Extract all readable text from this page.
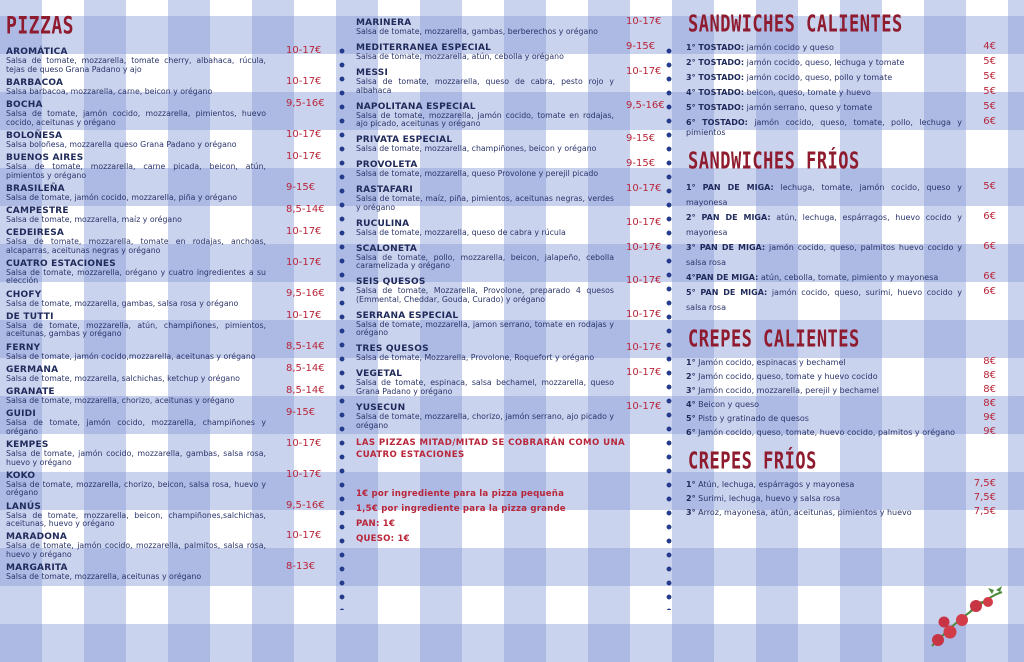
PIZZAS
AROMÁTICA	10-17€
Salsa de tomate, mozzarella, tomate cherry, albahaca, rúcula, tejas de queso Grana Padano y ajo
BARBACOA	10-17€
Salsa barbacoa, mozzarella, carne, beicon y orégano
BOCHA	9,5-16€
Salsa de tomate, jamón cocido, mozzarella, pimientos, huevo cocido, aceitunas y orégano
BOLOÑESA	10-17€
Salsa boloñesa, mozzarella queso Grana Padano y orégano
BUENOS AIRES	10-17€
Salsa de tomate, mozzarella, carne picada, beicon, atún, pimientos y orégano
BRASILEÑA	9-15€
Salsa de tomate, jamón cocido, mozzarella, piña y orégano
CAMPESTRE	8,5-14€
Salsa de tomate, mozzarella, maíz y orégano
CEDEIRESA	10-17€
Salsa de tomate, mozzarella, tomate en rodajas, anchoas, alcaparras, aceitunas negras y orégano
CUATRO ESTACIONES	10-17€
Salsa de tomate, mozzarella, orégano y cuatro ingredientes a su elección
CHOFY	9,5-16€
Salsa de tomate, mozzarella, gambas, salsa rosa y orégano
DE TUTTI	10-17€
Salsa de tomate, mozzarella, atún, champiñones, pimientos, aceitunas, gambas y orégano
FERNY	8,5-14€
Salsa de tomate, jamón cocido,mozzarella, aceitunas y orégano
GERMANA	8,5-14€
Salsa de tomate, mozzarella, salchichas, ketchup y orégano
GRANATE	8,5-14€
Salsa de tomate, mozzarella, chorizo, aceitunas y orégano
GUIDI	9-15€
Salsa de tomate, jamón cocido, mozzarella, champiñones y orégano
KEMPES	10-17€
Salsa de tomate, jamón cocido, mozzarella, gambas, salsa rosa, huevo y orégano
KOKO	10-17€
Salsa de tomate, mozzarella, chorizo, beicon, salsa rosa, huevo y orégano
LANÚS	9,5-16€
Salsa de tomate, mozzarella, beicon, champiñones,salchichas, aceitunas, huevo y orégano
MARADONA	10-17€
Salsa de tomate, jamón cocido, mozzarella, palmitos, salsa rosa, huevo y orégano
MARGARITA	8-13€
Salsa de tomate, mozzarella, aceitunas y orégano
MARINERA	10-17€
Salsa de tomate, mozzarella, gambas, berberechos y orégano
MEDITERRANEA ESPECIAL	9-15€
Salsa de tomate, mozzarella, atún, cebolla y orégano
MESSI	10-17€
Salsa de tomate, mozzarella, queso de cabra, pesto rojo y albahaca
NAPOLITANA ESPECIAL	9,5-16€
Salsa de tomate, mozzarella, jamón cocido, tomate en rodajas, ajo picado, aceitunas y orégano
PRIVATA ESPECIAL	9-15€
Salsa de tomate, mozzarella, champiñones, beicon y orégano
PROVOLETA	9-15€
Salsa de tomate, mozzarella, queso Provolone y perejil picado
RASTAFARI	10-17€
Salsa de tomate, maíz, piña, pimientos, aceitunas negras, verdes y orégano
RUCULINA	10-17€
Salsa de tomate, mozzarella, queso de cabra y rúcula
SCALONETA	10-17€
Salsa de tomate, pollo, mozzarella, beicon, jalapeño, cebolla caramelizada y orégano
SEIS QUESOS	10-17€
Salsa de tomate, Mozzarella, Provolone, preparado 4 quesos (Emmental, Cheddar, Gouda, Curado) y orégano
SERRANA ESPECIAL	10-17€
Salsa de tomate, mozzarella, jamon serrano, tomate en rodajas y orégano
TRES QUESOS	10-17€
Salsa de tomate, Mozzarella, Provolone, Roquefort y orégano
VEGETAL	10-17€
Salsa de tomate, espinaca, salsa bechamel, mozzarella, queso Grana Padano y orégano
YUSECUN	10-17€
Salsa de tomate, mozzarella, chorizo, jamón serrano, ajo picado y orégano
LAS PIZZAS MITAD/MITAD SE COBRARÁN COMO UNA CUATRO ESTACIONES
1€ por ingrediente para la pizza pequeña
1,5€ por ingrediente para la pizza grande
PAN: 1€
QUESO: 1€
SANDWICHES CALIENTES
1° TOSTADO: jamón cocido y queso	4€
2° TOSTADO: jamón cocido, queso, lechuga y tomate	5€
3° TOSTADO: jamón cocido, queso, pollo y tomate	5€
4° TOSTADO: beicon, queso, tomate y huevo	5€
5° TOSTADO: jamón serrano, queso y tomate	5€
6° TOSTADO: jamón cocido, queso, tomate, pollo, lechuga y pimientos
6€
SANDWICHES FRÍOS
1° PAN DE MIGA: lechuga, tomate, jamón cocido, queso y mayonesa
5€
2° PAN DE MIGA: atún, lechuga, espárragos, huevo cocido y mayonesa
6€
3° PAN DE MIGA: jamón cocido, queso, palmitos huevo cocido y salsa rosa
6€
4°PAN DE MIGA: atún, cebolla, tomate, pimiento y mayonesa	6€
5° PAN DE MIGA: jamón cocido, queso, surimi, huevo cocido y salsa rosa
6€
CREPES CALIENTES
1° Jamón cocido, espinacas y bechamel	8€
2° Jamón cocido, queso, tomate y huevo cocido	8€
3° Jamón cocido, mozzarella, perejil y bechamel	8€
4° Beicon y queso	8€
5° Pisto y gratinado de quesos	9€
6° Jamón cocido, queso, tomate, huevo cocido, palmitos y orégano	9€
CREPES FRÍOS
1° Atún, lechuga, espárragos y mayonesa	7,5€
2° Surimi, lechuga, huevo y salsa rosa	7,5€
3° Arroz, mayonesa, atún, aceitunas, pimientos y huevo	7,5€
